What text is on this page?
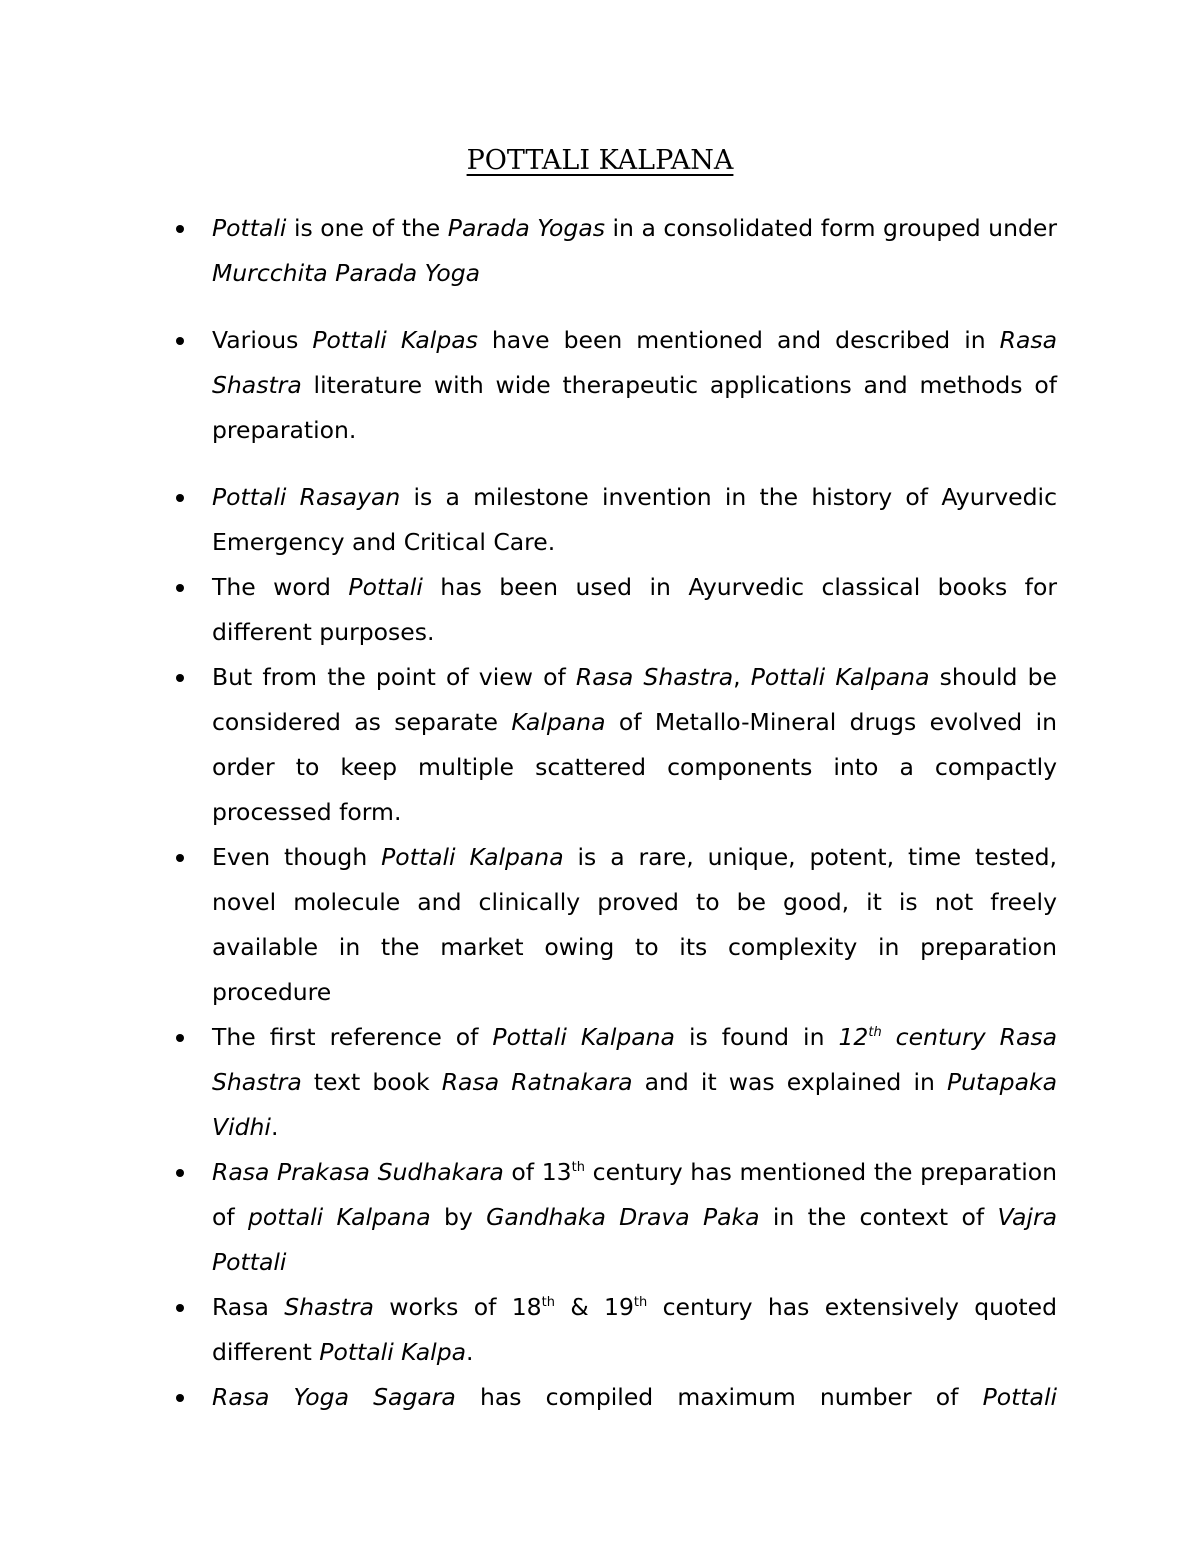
POTTALI KALPANA
Pottali is one of the Parada Yogas in a consolidated form grouped under Murcchita Parada Yoga
Various Pottali Kalpas have been mentioned and described in Rasa Shastra literature with wide therapeutic applications and methods of preparation.
Pottali Rasayan is a milestone invention in the history of Ayurvedic Emergency and Critical Care.
The word Pottali has been used in Ayurvedic classical books for different purposes.
But from the point of view of Rasa Shastra, Pottali Kalpana should be considered as separate Kalpana of Metallo-Mineral drugs evolved in order to keep multiple scattered components into a compactly processed form.
Even though Pottali Kalpana is a rare, unique, potent, time tested, novel molecule and clinically proved to be good, it is not freely available in the market owing to its complexity in preparation procedure
The first reference of Pottali Kalpana is found in 12th century Rasa Shastra text book Rasa Ratnakara and it was explained in Putapaka Vidhi.
Rasa Prakasa Sudhakara of 13th century has mentioned the preparation of pottali Kalpana by Gandhaka Drava Paka in the context of Vajra Pottali
Rasa Shastra works of 18th & 19th century has extensively quoted different Pottali Kalpa.
Rasa Yoga Sagara has compiled maximum number of Pottali
